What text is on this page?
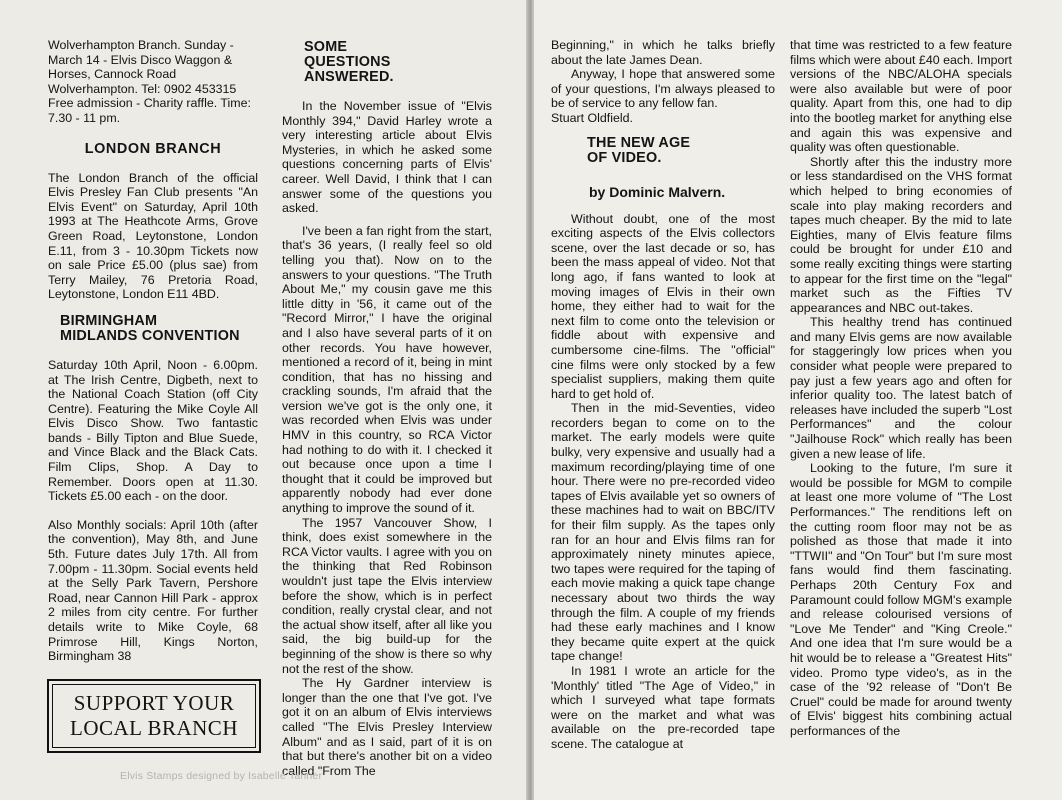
Wolverhampton Branch. Sunday - March 14 - Elvis Disco Waggon & Horses, Cannock Road Wolverhampton. Tel: 0902 453315 Free admission - Charity raffle. Time: 7.30 - 11 pm.

LONDON BRANCH

The London Branch of the official Elvis Presley Fan Club presents "An Elvis Event" on Saturday, April 10th 1993 at The Heathcote Arms, Grove Green Road, Leytonstone, London E.11, from 3 - 10.30pm Tickets now on sale Price £5.00 (plus sae) from Terry Mailey, 76 Pretoria Road, Leytonstone, London E11 4BD.

BIRMINGHAM
MIDLANDS CONVENTION

Saturday 10th April, Noon - 6.00pm. at The Irish Centre, Digbeth, next to the National Coach Station (off City Centre). Featuring the Mike Coyle All Elvis Disco Show. Two fantastic bands - Billy Tipton and Blue Suede, and Vince Black and the Black Cats. Film Clips, Shop. A Day to Remember. Doors open at 11.30. Tickets £5.00 each - on the door.

Also Monthly socials: April 10th (after the convention), May 8th, and June 5th. Future dates July 17th. All from 7.00pm - 11.30pm. Social events held at the Selly Park Tavern, Pershore Road, near Cannon Hill Park - approx 2 miles from city centre. For further details write to Mike Coyle, 68 Primrose Hill, Kings Norton, Birmingham 38

SUPPORT YOUR
LOCAL BRANCH
SOME
QUESTIONS
ANSWERED.

In the November issue of "Elvis Monthly 394," David Harley wrote a very interesting article about Elvis Mysteries, in which he asked some questions concerning parts of Elvis' career. Well David, I think that I can answer some of the questions you asked.

I've been a fan right from the start, that's 36 years, (I really feel so old telling you that). Now on to the answers to your questions. "The Truth About Me," my cousin gave me this little ditty in '56, it came out of the "Record Mirror," I have the original and I also have several parts of it on other records. You have however, mentioned a record of it, being in mint condition, that has no hissing and crackling sounds, I'm afraid that the version we've got is the only one, it was recorded when Elvis was under HMV in this country, so RCA Victor had nothing to do with it. I checked it out because once upon a time I thought that it could be improved but apparently nobody had ever done anything to improve the sound of it.

The 1957 Vancouver Show, I think, does exist somewhere in the RCA Victor vaults. I agree with you on the thinking that Red Robinson wouldn't just tape the Elvis interview before the show, which is in perfect condition, really crystal clear, and not the actual show itself, after all like you said, the big build-up for the beginning of the show is there so why not the rest of the show.

The Hy Gardner interview is longer than the one that I've got. I've got it on an album of Elvis interviews called "The Elvis Presley Interview Album" and as I said, part of it is on that but there's another bit on a video called "From The

Elvis Stamps designed by Isabelle Tanner

Beginning," in which he talks briefly about the late James Dean.

Anyway, I hope that answered some of your questions, I'm always pleased to be of service to any fellow fan.

Stuart Oldfield.

THE NEW AGE
OF VIDEO.
by Dominic Malvern.

Without doubt, one of the most exciting aspects of the Elvis collectors scene, over the last decade or so, has been the mass appeal of video. Not that long ago, if fans wanted to look at moving images of Elvis in their own home, they either had to wait for the next film to come onto the television or fiddle about with expensive and cumbersome cine-films. The "official" cine films were only stocked by a few specialist suppliers, making them quite hard to get hold of.

Then in the mid-Seventies, video recorders began to come on to the market. The early models were quite bulky, very expensive and usually had a maximum recording/playing time of one hour. There were no pre-recorded video tapes of Elvis available yet so owners of these machines had to wait on BBC/ITV for their film supply. As the tapes only ran for an hour and Elvis films ran for approximately ninety minutes apiece, two tapes were required for the taping of each movie making a quick tape change necessary about two thirds the way through the film. A couple of my friends had these early machines and I know they became quite expert at the quick tape change!

In 1981 I wrote an article for the 'Monthly' titled "The Age of Video," in which I surveyed what tape formats were on the market and what was available on the pre-recorded tape scene. The catalogue at

that time was restricted to a few feature films which were about £40 each. Import versions of the NBC/ALOHA specials were also available but were of poor quality. Apart from this, one had to dip into the bootleg market for anything else and again this was expensive and quality was often questionable.

Shortly after this the industry more or less standardised on the VHS format which helped to bring economies of scale into play making recorders and tapes much cheaper. By the mid to late Eighties, many of Elvis feature films could be brought for under £10 and some really exciting things were starting to appear for the first time on the "legal" market such as the Fifties TV appearances and NBC out-takes.

This healthy trend has continued and many Elvis gems are now available for staggeringly low prices when you consider what people were prepared to pay just a few years ago and often for inferior quality too. The latest batch of releases have included the superb "Lost Performances" and the colour "Jailhouse Rock" which really has been given a new lease of life.

Looking to the future, I'm sure it would be possible for MGM to compile at least one more volume of "The Lost Performances." The renditions left on the cutting room floor may not be as polished as those that made it into "TTWII" and "On Tour" but I'm sure most fans would find them fascinating. Perhaps 20th Century Fox and Paramount could follow MGM's example and release colourised versions of "Love Me Tender" and "King Creole." And one idea that I'm sure would be a hit would be to release a "Greatest Hits" video. Promo type video's, as in the case of the '92 release of "Don't Be Cruel" could be made for around twenty of Elvis' biggest hits combining actual performances of the
